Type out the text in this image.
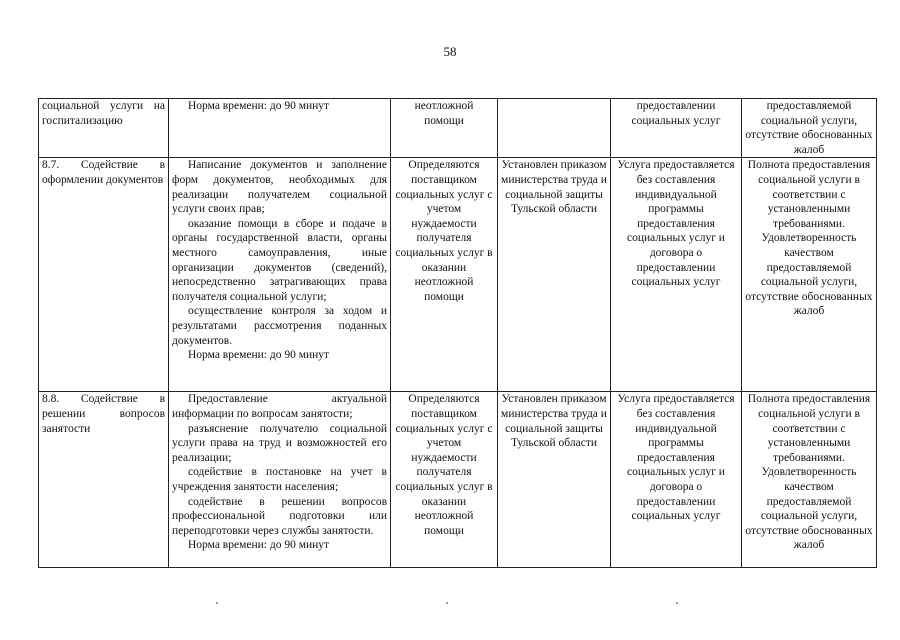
58

социальной услуги на госпитализацию	Норма времени: до 90 минут	неотложной помощи		предоставлении социальных услуг	предоставляемой социальной услуги, отсутствие обоснованных жалоб

8.7. Содействие в оформлении документов	Написание документов и заполнение форм документов, необходимых для реализации получателем социальной услуги своих прав;

оказание помощи в сборе и подаче в органы государственной власти, органы местного самоуправления, иные организации документов (сведений), непосредственно затрагивающих права получателя социальной услуги;

осуществление контроля за ходом и результатами рассмотрения поданных документов.

Норма времени: до 90 минут	Определяются поставщиком социальных услуг с учетом нуждаемости получателя социальных услуг в оказании неотложной помощи	Установлен приказом министерства труда и социальной защиты Тульской области	Услуга предоставляется без составления индивидуальной программы предоставления социальных услуг и договора о предоставлении социальных услуг	Полнота предоставления социальной услуги в соответствии с установленными требованиями. Удовлетворенность качеством предоставляемой социальной услуги, отсутствие обоснованных жалоб

8.8. Содействие в решении вопросов занятости	Предоставление актуальной информации по вопросам занятости;

разъяснение получателю социальной услуги права на труд и возможностей его реализации;

содействие в постановке на учет в учреждения занятости населения;

содействие в решении вопросов профессиональной подготовки или переподготовки через службы занятости.

Норма времени: до 90 минут	Определяются поставщиком социальных услуг с учетом нуждаемости получателя социальных услуг в оказании неотложной помощи	Установлен приказом министерства труда и социальной защиты Тульской области	Услуга предоставляется без составления индивидуальной программы предоставления социальных услуг и договора о предоставлении социальных услуг	Полнота предоставления социальной услуги в соответствии с установленными требованиями. Удовлетворенность качеством предоставляемой социальной услуги, отсутствие обоснованных жалоб
